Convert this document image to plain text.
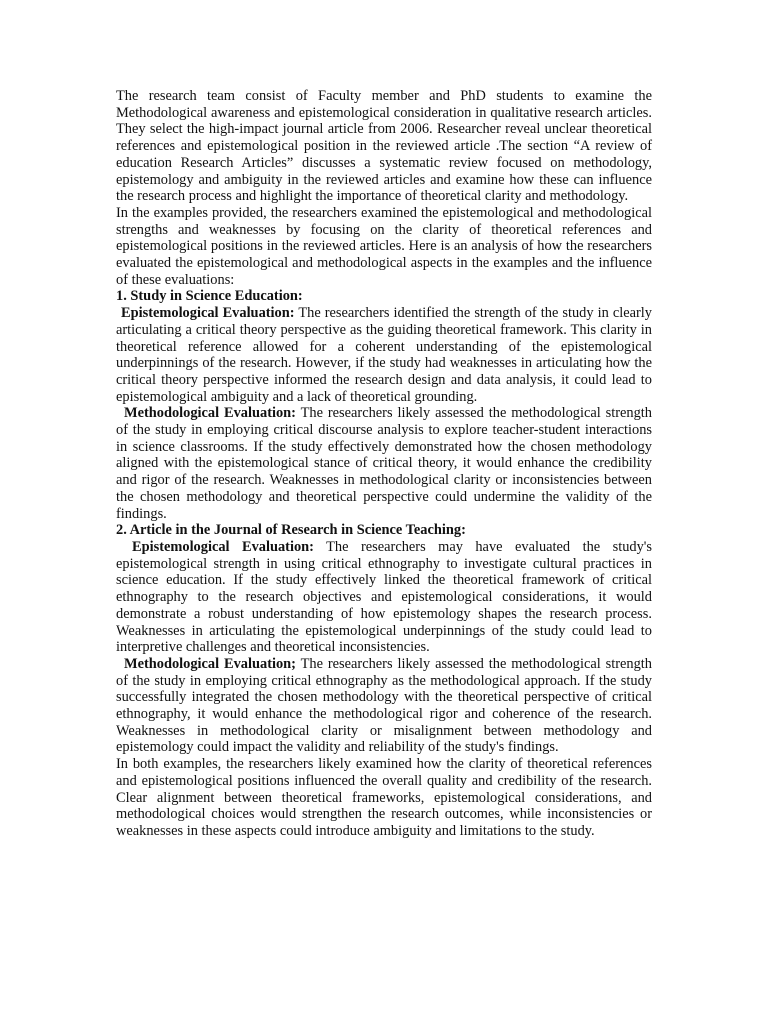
The research team consist of Faculty member and PhD students to examine the Methodological awareness and epistemological consideration in qualitative research articles. They select the high-impact journal article from 2006. Researcher reveal unclear theoretical references and epistemological position in the reviewed article .The section “A review of education Research Articles” discusses a systematic review focused on methodology, epistemology and ambiguity in the reviewed articles and examine how these can influence the research process and highlight the importance of theoretical clarity and methodology.

In the examples provided, the researchers examined the epistemological and methodological strengths and weaknesses by focusing on the clarity of theoretical references and epistemological positions in the reviewed articles. Here is an analysis of how the researchers evaluated the epistemological and methodological aspects in the examples and the influence of these evaluations:

1. Study in Science Education:

Epistemological Evaluation: The researchers identified the strength of the study in clearly articulating a critical theory perspective as the guiding theoretical framework. This clarity in theoretical reference allowed for a coherent understanding of the epistemological underpinnings of the research. However, if the study had weaknesses in articulating how the critical theory perspective informed the research design and data analysis, it could lead to epistemological ambiguity and a lack of theoretical grounding.

Methodological Evaluation: The researchers likely assessed the methodological strength of the study in employing critical discourse analysis to explore teacher-student interactions in science classrooms. If the study effectively demonstrated how the chosen methodology aligned with the epistemological stance of critical theory, it would enhance the credibility and rigor of the research. Weaknesses in methodological clarity or inconsistencies between the chosen methodology and theoretical perspective could undermine the validity of the findings.

2. Article in the Journal of Research in Science Teaching:

Epistemological Evaluation: The researchers may have evaluated the study's epistemological strength in using critical ethnography to investigate cultural practices in science education. If the study effectively linked the theoretical framework of critical ethnography to the research objectives and epistemological considerations, it would demonstrate a robust understanding of how epistemology shapes the research process. Weaknesses in articulating the epistemological underpinnings of the study could lead to interpretive challenges and theoretical inconsistencies.

Methodological Evaluation; The researchers likely assessed the methodological strength of the study in employing critical ethnography as the methodological approach. If the study successfully integrated the chosen methodology with the theoretical perspective of critical ethnography, it would enhance the methodological rigor and coherence of the research. Weaknesses in methodological clarity or misalignment between methodology and epistemology could impact the validity and reliability of the study's findings.

In both examples, the researchers likely examined how the clarity of theoretical references and epistemological positions influenced the overall quality and credibility of the research. Clear alignment between theoretical frameworks, epistemological considerations, and methodological choices would strengthen the research outcomes, while inconsistencies or weaknesses in these aspects could introduce ambiguity and limitations to the study.
